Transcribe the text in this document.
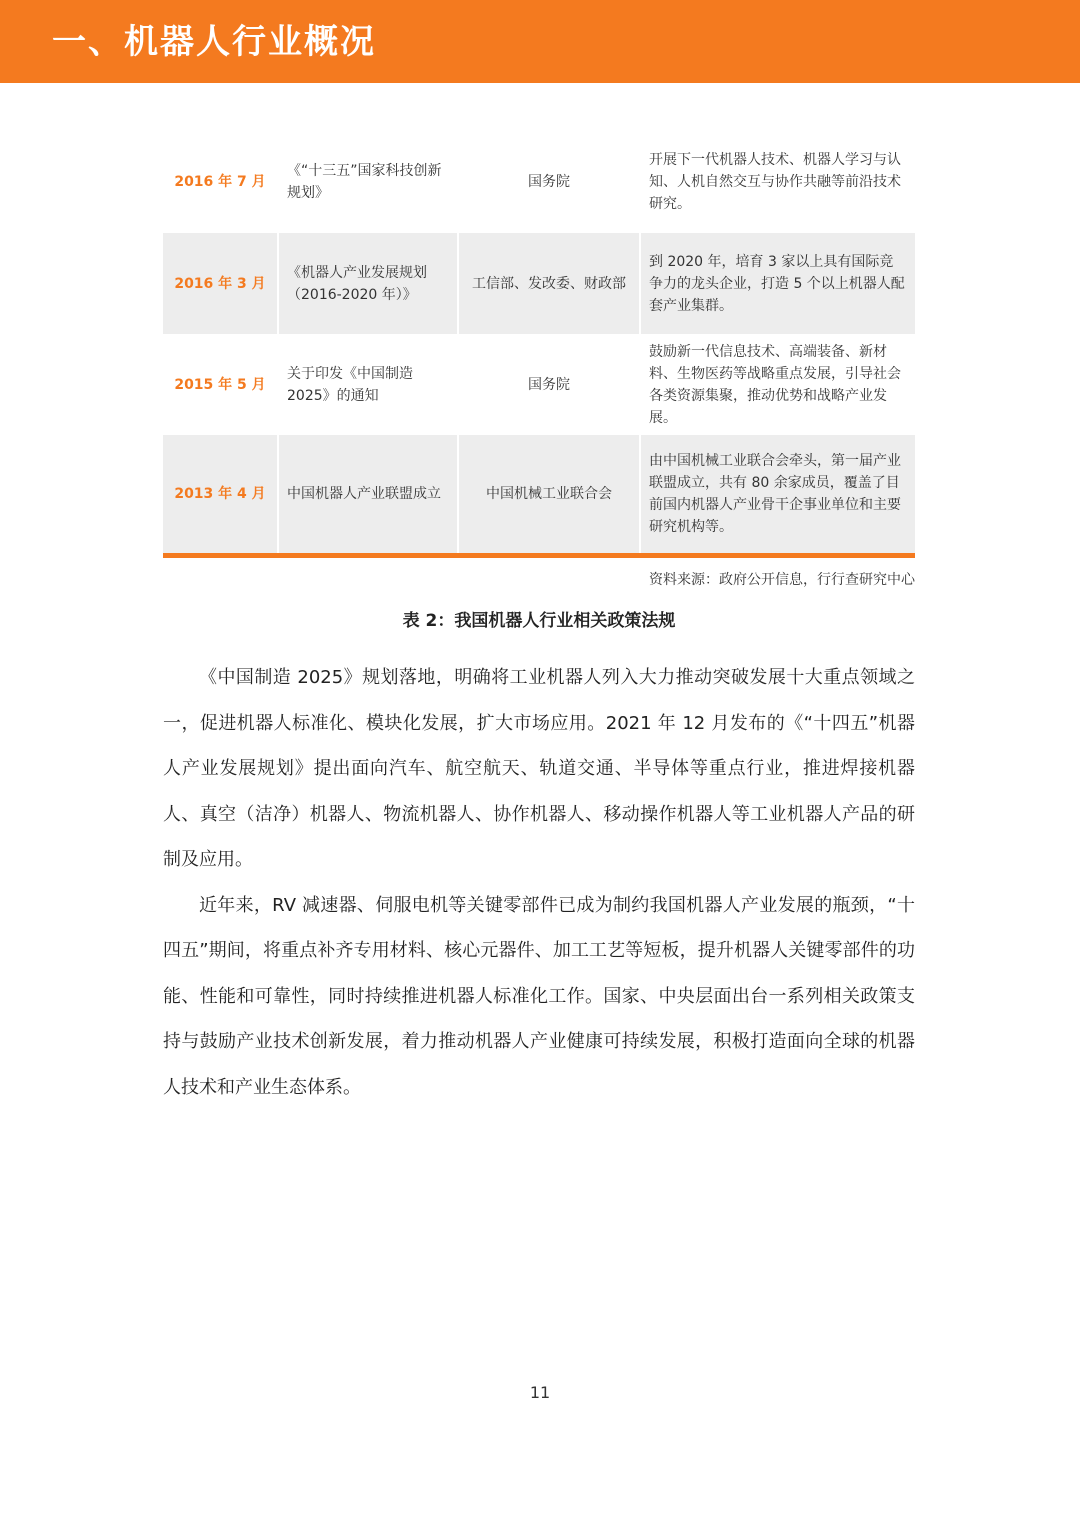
一、机器人行业概况
2016 年 7 月	《“十三五”国家科技创新规划》	国务院	开展下一代机器人技术、机器人学习与认知、人机自然交互与协作共融等前沿技术研究。
2016 年 3 月	《机器人产业发展规划（2016-2020 年）》	工信部、发改委、财政部	到 2020 年，培育 3 家以上具有国际竞争力的龙头企业，打造 5 个以上机器人配套产业集群。
2015 年 5 月	关于印发《中国制造 2025》的通知	国务院	鼓励新一代信息技术、高端装备、新材料、生物医药等战略重点发展，引导社会各类资源集聚，推动优势和战略产业发展。
2013 年 4 月	中国机器人产业联盟成立	中国机械工业联合会	由中国机械工业联合会牵头，第一届产业联盟成立，共有 80 余家成员，覆盖了目前国内机器人产业骨干企事业单位和主要研究机构等。
资料来源：政府公开信息，行行查研究中心
表 2：我国机器人行业相关政策法规

《中国制造 2025》规划落地，明确将工业机器人列入大力推动突破发展十大重点领域之一，促进机器人标准化、模块化发展，扩大市场应用。2021 年 12 月发布的《“十四五”机器人产业发展规划》提出面向汽车、航空航天、轨道交通、半导体等重点行业，推进焊接机器人、真空（洁净）机器人、物流机器人、协作机器人、移动操作机器人等工业机器人产品的研制及应用。

近年来，RV 减速器、伺服电机等关键零部件已成为制约我国机器人产业发展的瓶颈，“十四五”期间，将重点补齐专用材料、核心元器件、加工工艺等短板，提升机器人关键零部件的功能、性能和可靠性，同时持续推进机器人标准化工作。国家、中央层面出台一系列相关政策支持与鼓励产业技术创新发展，着力推动机器人产业健康可持续发展，积极打造面向全球的机器人技术和产业生态体系。

11
